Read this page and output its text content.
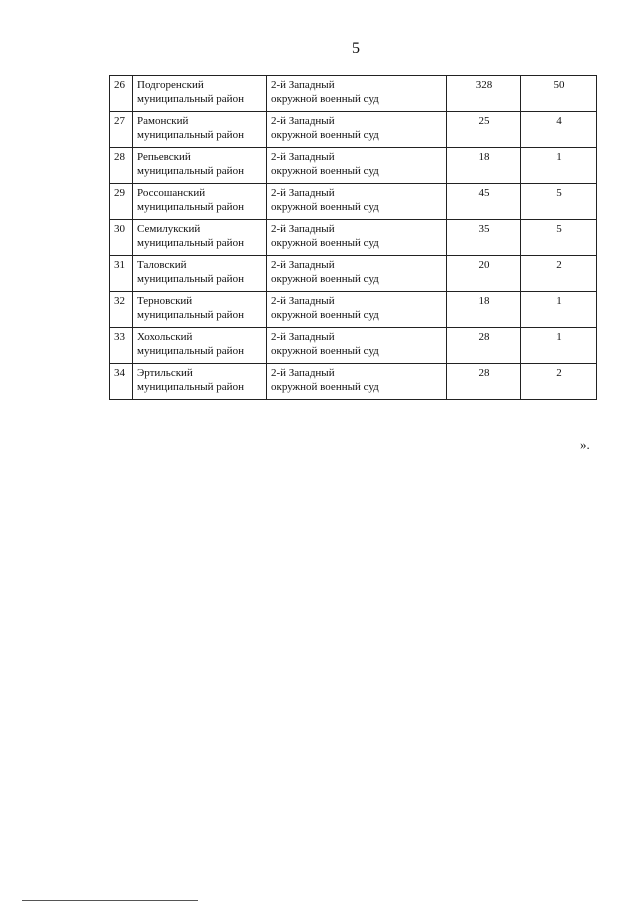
5
26	Подгоренский
муниципальный район	2-й Западный
окружной военный суд	328	50
27	Рамонский
муниципальный район	2-й Западный
окружной военный суд	25	4
28	Репьевский
муниципальный район	2-й Западный
окружной военный суд	18	1
29	Россошанский
муниципальный район	2-й Западный
окружной военный суд	45	5
30	Семилукский
муниципальный район	2-й Западный
окружной военный суд	35	5
31	Таловский
муниципальный район	2-й Западный
окружной военный суд	20	2
32	Терновский
муниципальный район	2-й Западный
окружной военный суд	18	1
33	Хохольский
муниципальный район	2-й Западный
окружной военный суд	28	1
34	Эртильский
муниципальный район	2-й Западный
окружной военный суд	28	2
».
